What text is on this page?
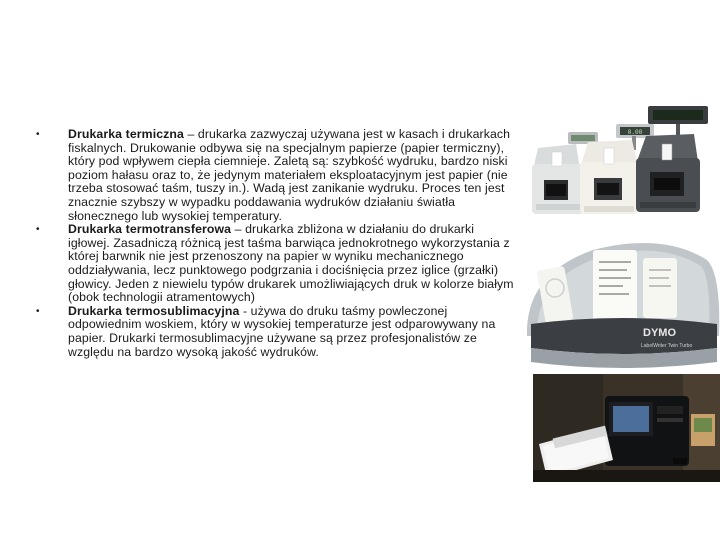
• Drukarka termiczna – drukarka zazwyczaj używana jest w kasach i drukarkach fiskalnych. Drukowanie odbywa się na specjalnym papierze (papier termiczny), który pod wpływem ciepła ciemnieje. Zaletą są: szybkość wydruku, bardzo niski poziom hałasu oraz to, że jedynym materiałem eksploatacyjnym jest papier (nie trzeba stosować taśm, tuszy in.). Wadą jest zanikanie wydruku. Proces ten jest znacznie szybszy w wypadku poddawania wydruków działaniu światła słonecznego lub wysokiej temperatury.
• Drukarka termotransferowa – drukarka zbliżona w działaniu do drukarki igłowej. Zasadniczą różnicą jest taśma barwiąca jednokrotnego wykorzystania z której barwnik nie jest przenoszony na papier w wyniku mechanicznego oddziaływania, lecz punktowego podgrzania i dociśnięcia przez iglice (grzałki) głowicy. Jeden z niewielu typów drukarek umożliwiających druk w kolorze białym (obok technologii atramentowych)
• Drukarka termosublimacyjna - używa do druku taśmy powleczonej odpowiednim woskiem, który w wysokiej temperaturze jest odparowywany na papier. Drukarki termosublimacyjne używane są przez profesjonalistów ze względu na bardzo wysoką jakość wydruków.
0.00
DYMO
LabelWriter Twin Turbo
